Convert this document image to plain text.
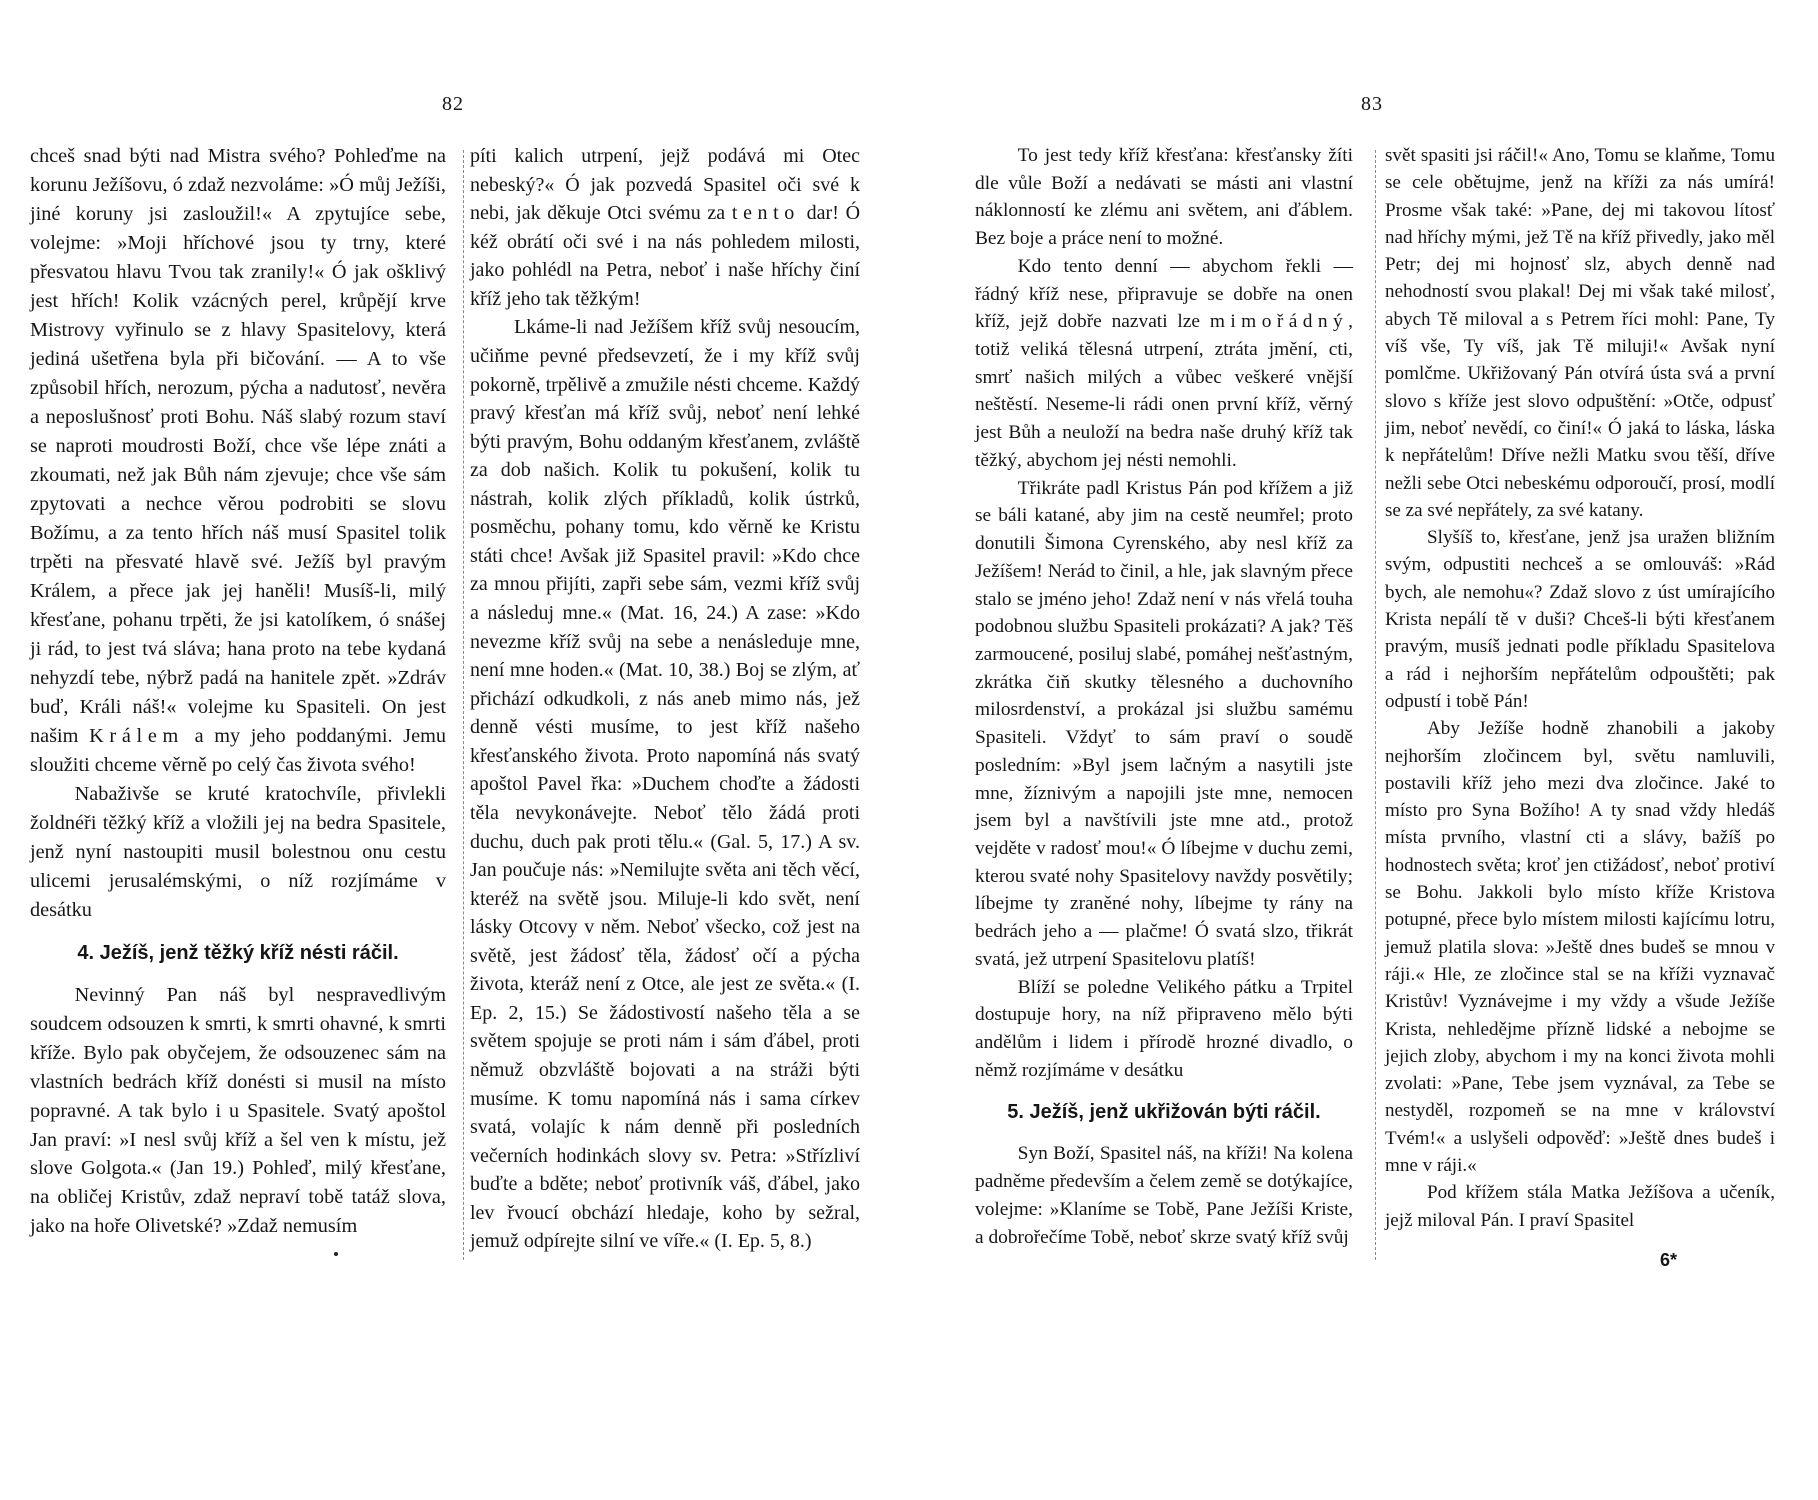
82

chceš snad býti nad Mistra svého? Pohleďme na korunu Ježíšovu, ó zdaž nezvoláme: »Ó můj Ježíši, jiné koruny jsi zasloužil!« A zpytujíce sebe, volejme: »Moji hříchové jsou ty trny, které přesvatou hlavu Tvou tak zranily!« Ó jak ošklivý jest hřích! Kolik vzácných perel, krůpějí krve Mistrovy vyřinulo se z hlavy Spasitelovy, která jediná ušetřena byla při bičování. — A to vše způsobil hřích, nerozum, pýcha a nadutosť, nevěra a neposlušnosť proti Bohu. Náš slabý rozum staví se naproti moudrosti Boží, chce vše lépe znáti a zkoumati, než jak Bůh nám zjevuje; chce vše sám zpytovati a nechce věrou podrobiti se slovu Božímu, a za tento hřích náš musí Spasitel tolik trpěti na přesvaté hlavě své. Ježíš byl pravým Králem, a přece jak jej haněli! Musíš-li, milý křesťane, pohanu trpěti, že jsi katolíkem, ó snášej ji rád, to jest tvá sláva; hana proto na tebe kydaná nehyzdí tebe, nýbrž padá na hanitele zpět. »Zdráv buď, Králi náš!« volejme ku Spasiteli. On jest našim Králem a my jeho poddanými. Jemu sloužiti chceme věrně po celý čas života svého!

Nabaživše se kruté kratochvíle, přivlekli žoldnéři těžký kříž a vložili jej na bedra Spasitele, jenž nyní nastoupiti musil bolestnou onu cestu ulicemi jerusalémskými, o níž rozjímáme v desátku

4. Ježíš, jenž těžký kříž nésti ráčil.

Nevinný Pan náš byl nespravedlivým soudcem odsouzen k smrti, k smrti ohavné, k smrti kříže. Bylo pak obyčejem, že odsouzenec sám na vlastních bedrách kříž donésti si musil na místo popravné. A tak bylo i u Spasitele. Svatý apoštol Jan praví: »I nesl svůj kříž a šel ven k místu, jež slove Golgota.« (Jan 19.) Pohleď, milý křesťane, na obličej Kristův, zdaž nepraví tobě tatáž slova, jako na hoře Olivetské? »Zdaž nemusím

píti kalich utrpení, jejž podává mi Otec nebeský?« Ó jak pozvedá Spasitel oči své k nebi, jak děkuje Otci svému za tento dar! Ó kéž obrátí oči své i na nás pohledem milosti, jako pohlédl na Petra, neboť i naše hříchy činí kříž jeho tak těžkým!

Lkáme-li nad Ježíšem kříž svůj nesoucím, učiňme pevné předsevzetí, že i my kříž svůj pokorně, trpělivě a zmužile nésti chceme. Každý pravý křesťan má kříž svůj, neboť není lehké býti pravým, Bohu oddaným křesťanem, zvláště za dob našich. Kolik tu pokušení, kolik tu nástrah, kolik zlých příkladů, kolik ústrků, posměchu, pohany tomu, kdo věrně ke Kristu státi chce! Avšak již Spasitel pravil: »Kdo chce za mnou přijíti, zapři sebe sám, vezmi kříž svůj a následuj mne.« (Mat. 16, 24.) A zase: »Kdo nevezme kříž svůj na sebe a nenásleduje mne, není mne hoden.« (Mat. 10, 38.) Boj se zlým, ať přichází odkudkoli, z nás aneb mimo nás, jež denně vésti musíme, to jest kříž našeho křesťanského života. Proto napomíná nás svatý apoštol Pavel řka: »Duchem choďte a žádosti těla nevykonávejte. Neboť tělo žádá proti duchu, duch pak proti tělu.« (Gal. 5, 17.) A sv. Jan poučuje nás: »Nemilujte světa ani těch věcí, kteréž na světě jsou. Miluje-li kdo svět, není lásky Otcovy v něm. Neboť všecko, což jest na světě, jest žádosť těla, žádosť očí a pýcha života, kteráž není z Otce, ale jest ze světa.« (I. Ep. 2, 15.) Se žádostivostí našeho těla a se světem spojuje se proti nám i sám ďábel, proti němuž obzvláště bojovati a na stráži býti musíme. K tomu napomíná nás i sama církev svatá, volajíc k nám denně při posledních večerních hodinkách slovy sv. Petra: »Střízliví buďte a bděte; neboť protivník váš, ďábel, jako lev řvoucí obchází hledaje, koho by sežral, jemuž odpírejte silní ve víře.« (I. Ep. 5, 8.)

83

To jest tedy kříž křesťana: křesťansky žíti dle vůle Boží a nedávati se másti ani vlastní náklonností ke zlému ani světem, ani ďáblem. Bez boje a práce není to možné.

Kdo tento denní — abychom řekli — řádný kříž nese, připravuje se dobře na onen kříž, jejž dobře nazvati lze mimořádný, totiž veliká tělesná utrpení, ztráta jmění, cti, smrť našich milých a vůbec veškeré vnější neštěstí. Neseme-li rádi onen první kříž, věrný jest Bůh a neuloží na bedra naše druhý kříž tak těžký, abychom jej nésti nemohli.

Třikráte padl Kristus Pán pod křížem a již se báli katané, aby jim na cestě neumřel; proto donutili Šimona Cyrenského, aby nesl kříž za Ježíšem! Nerád to činil, a hle, jak slavným přece stalo se jméno jeho! Zdaž není v nás vřelá touha podobnou službu Spasiteli prokázati? A jak? Těš zarmoucené, posiluj slabé, pomáhej nešťastným, zkrátka čiň skutky tělesného a duchovního milosrdenství, a prokázal jsi službu samému Spasiteli. Vždyť to sám praví o soudě posledním: »Byl jsem lačným a nasytili jste mne, žíznivým a napojili jste mne, nemocen jsem byl a navštívili jste mne atd., protož vejděte v radosť mou!« Ó líbejme v duchu zemi, kterou svaté nohy Spasitelovy navždy posvětily; líbejme ty zraněné nohy, líbejme ty rány na bedrách jeho a — plačme! Ó svatá slzo, třikrát svatá, jež utrpení Spasitelovu platíš!

Blíží se poledne Velikého pátku a Trpitel dostupuje hory, na níž připraveno mělo býti andělům i lidem i přírodě hrozné divadlo, o němž rozjímáme v desátku

5. Ježíš, jenž ukřižován býti ráčil.

Syn Boží, Spasitel náš, na kříži! Na kolena padněme především a čelem země se dotýkajíce, volejme: »Klaníme se Tobě, Pane Ježíši Kriste, a dobrořečíme Tobě, neboť skrze svatý kříž svůj

svět spasiti jsi ráčil!« Ano, Tomu se klaňme, Tomu se cele obětujme, jenž na kříži za nás umírá! Prosme však také: »Pane, dej mi takovou lítosť nad hříchy mými, jež Tě na kříž přivedly, jako měl Petr; dej mi hojnosť slz, abych denně nad nehodností svou plakal! Dej mi však také milosť, abych Tě miloval a s Petrem říci mohl: Pane, Ty víš vše, Ty víš, jak Tě miluji!« Avšak nyní pomlčme. Ukřižovaný Pán otvírá ústa svá a první slovo s kříže jest slovo odpuštění: »Otče, odpusť jim, neboť nevědí, co činí!« Ó jaká to láska, láska k nepřátelům! Dříve nežli Matku svou těší, dříve nežli sebe Otci nebeskému odporoučí, prosí, modlí se za své nepřátely, za své katany.

Slyšíš to, křesťane, jenž jsa uražen bližním svým, odpustiti nechceš a se omlouváš: »Rád bych, ale nemohu«? Zdaž slovo z úst umírajícího Krista nepálí tě v duši? Chceš-li býti křesťanem pravým, musíš jednati podle příkladu Spasitelova a rád i nejhorším nepřátelům odpouštěti; pak odpustí i tobě Pán!

Aby Ježíše hodně zhanobili a jakoby nejhorším zločincem byl, světu namluvili, postavili kříž jeho mezi dva zločince. Jaké to místo pro Syna Božího! A ty snad vždy hledáš místa prvního, vlastní cti a slávy, bažíš po hodnostech světa; kroť jen ctižádosť, neboť protiví se Bohu. Jakkoli bylo místo kříže Kristova potupné, přece bylo místem milosti kajícímu lotru, jemuž platila slova: »Ještě dnes budeš se mnou v ráji.« Hle, ze zločince stal se na kříži vyznavač Kristův! Vyznávejme i my vždy a všude Ježíše Krista, nehledějme přízně lidské a nebojme se jejich zloby, abychom i my na konci života mohli zvolati: »Pane, Tebe jsem vyznával, za Tebe se nestyděl, rozpomeň se na mne v království Tvém!« a uslyšeli odpověď: »Ještě dnes budeš i mne v ráji.«

Pod křížem stála Matka Ježíšova a učeník, jejž miloval Pán. I praví Spasitel

6*
